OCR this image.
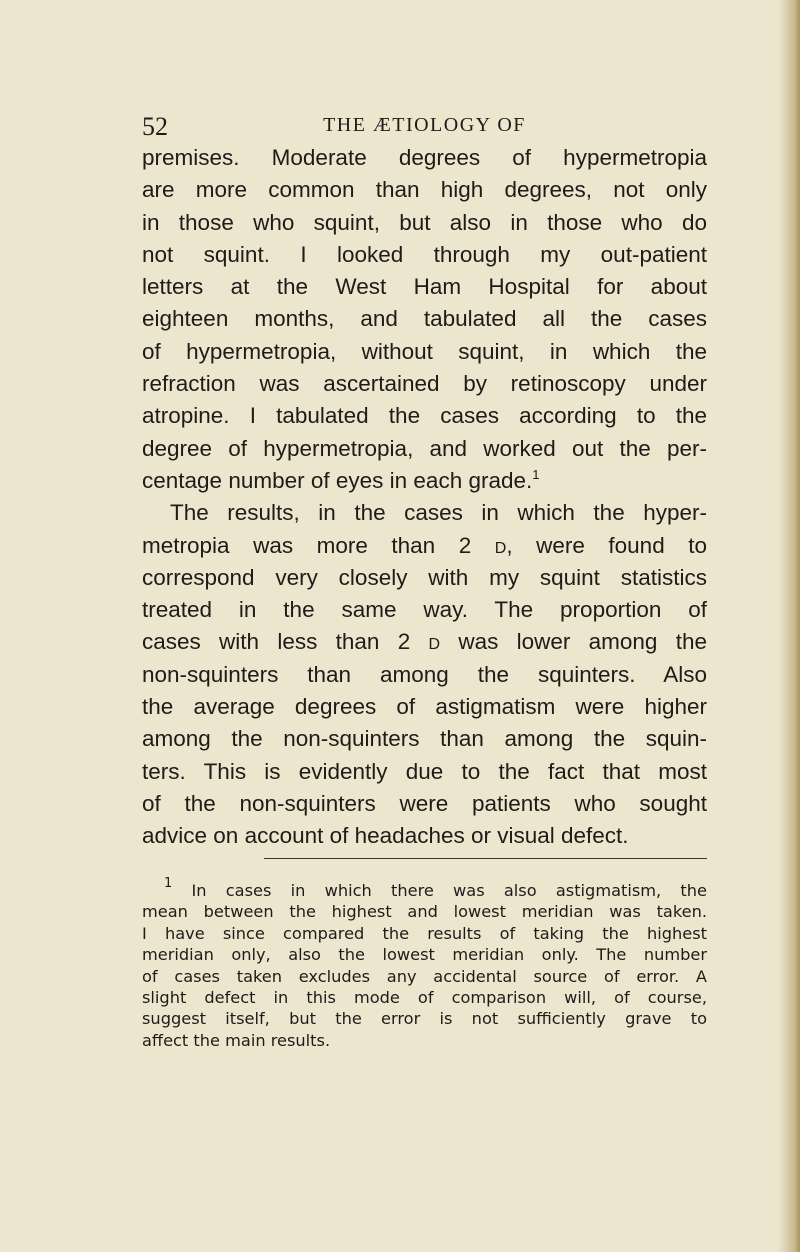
52	THE ÆTIOLOGY OF
premises. Moderate degrees of hypermetropia
are more common than high degrees, not only
in those who squint, but also in those who do
not squint. I looked through my out-patient
letters at the West Ham Hospital for about
eighteen months, and tabulated all the cases
of hypermetropia, without squint, in which the
refraction was ascertained by retinoscopy under
atropine. I tabulated the cases according to the
degree of hypermetropia, and worked out the per-
centage number of eyes in each grade.$^1$
The results, in the cases in which the hyper-
metropia was more than 2 d, were found to
correspond very closely with my squint statistics
treated in the same way. The proportion of
cases with less than 2 d was lower among the
non-squinters than among the squinters. Also
the average degrees of astigmatism were higher
among the non-squinters than among the squin-
ters. This is evidently due to the fact that most
of the non-squinters were patients who sought
advice on account of headaches or visual defect.
$^1$ In cases in which there was also astigmatism, the
mean between the highest and lowest meridian was taken.
I have since compared the results of taking the highest
meridian only, also the lowest meridian only. The number
of cases taken excludes any accidental source of error. A
slight defect in this mode of comparison will, of course,
suggest itself, but the error is not sufficiently grave to
affect the main results.
